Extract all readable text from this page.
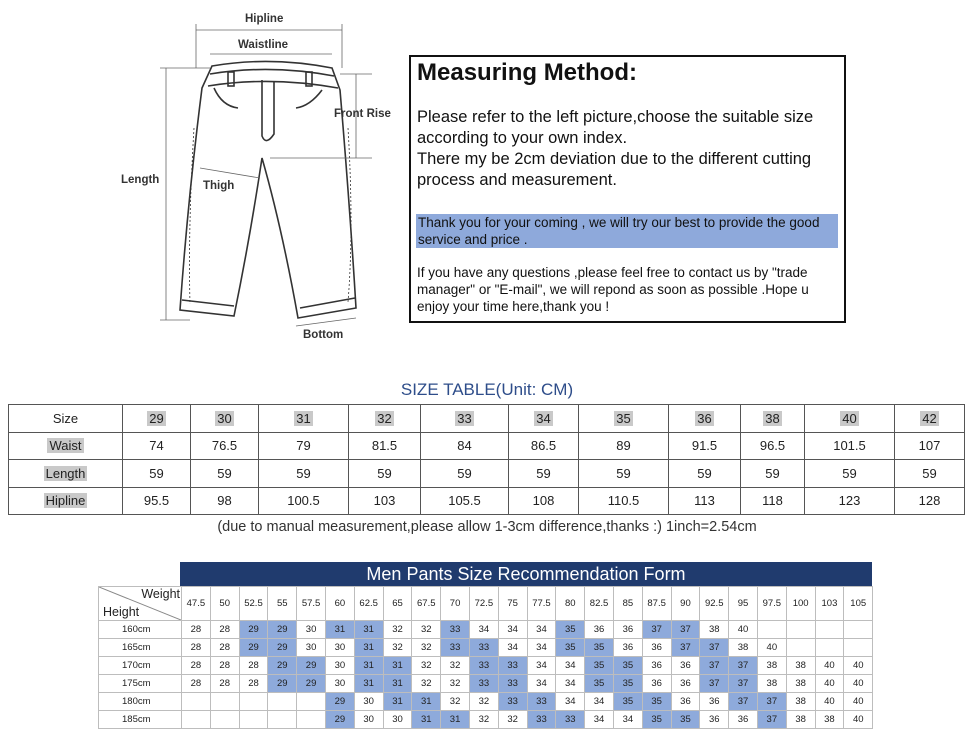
Hipline
Waistline
Front Rise
Length	Thigh
Bottom
Measuring Method:
Please refer to the left picture,choose the suitable size according to your own index.
There my be 2cm deviation due to the different cutting process and measurement.
Thank you for your coming , we will try our best to provide the good service and price .
If you have any questions ,please feel free to contact us by "trade manager" or "E-mail", we will repond as soon as possible .Hope u enjoy your time here,thank you !
SIZE TABLE(Unit: CM)
Size	29	30	31	32	33	34	35	36	38	40	42
Waist	74	76.5	79	81.5	84	86.5	89	91.5	96.5	101.5	107
Length	59	59	59	59	59	59	59	59	59	59	59
Hipline	95.5	98	100.5	103	105.5	108	110.5	113	118	123	128
(due to manual measurement,please allow 1-3cm difference,thanks :) 1inch=2.54cm
Men Pants Size Recommendation Form
Weight
Height	47.5	50	52.5	55	57.5	60	62.5	65	67.5	70	72.5	75	77.5	80	82.5	85	87.5	90	92.5	95	97.5	100	103	105
160cm	28	28	29	29	30	31	31	32	32	33	34	34	34	35	36	36	37	37	38	40				
165cm	28	28	29	29	30	30	31	32	32	33	33	34	34	35	35	36	36	37	37	38	40			
170cm	28	28	28	29	29	30	31	31	32	32	33	33	34	34	35	35	36	36	37	37	38	38	40	40
175cm	28	28	28	29	29	30	31	31	32	32	33	33	34	34	35	35	36	36	37	37	38	38	40	40
180cm						29	30	31	31	32	32	33	33	34	34	35	35	36	36	37	37	38	40	40
185cm						29	30	30	31	31	32	32	33	33	34	34	35	35	36	36	37	38	38	40
